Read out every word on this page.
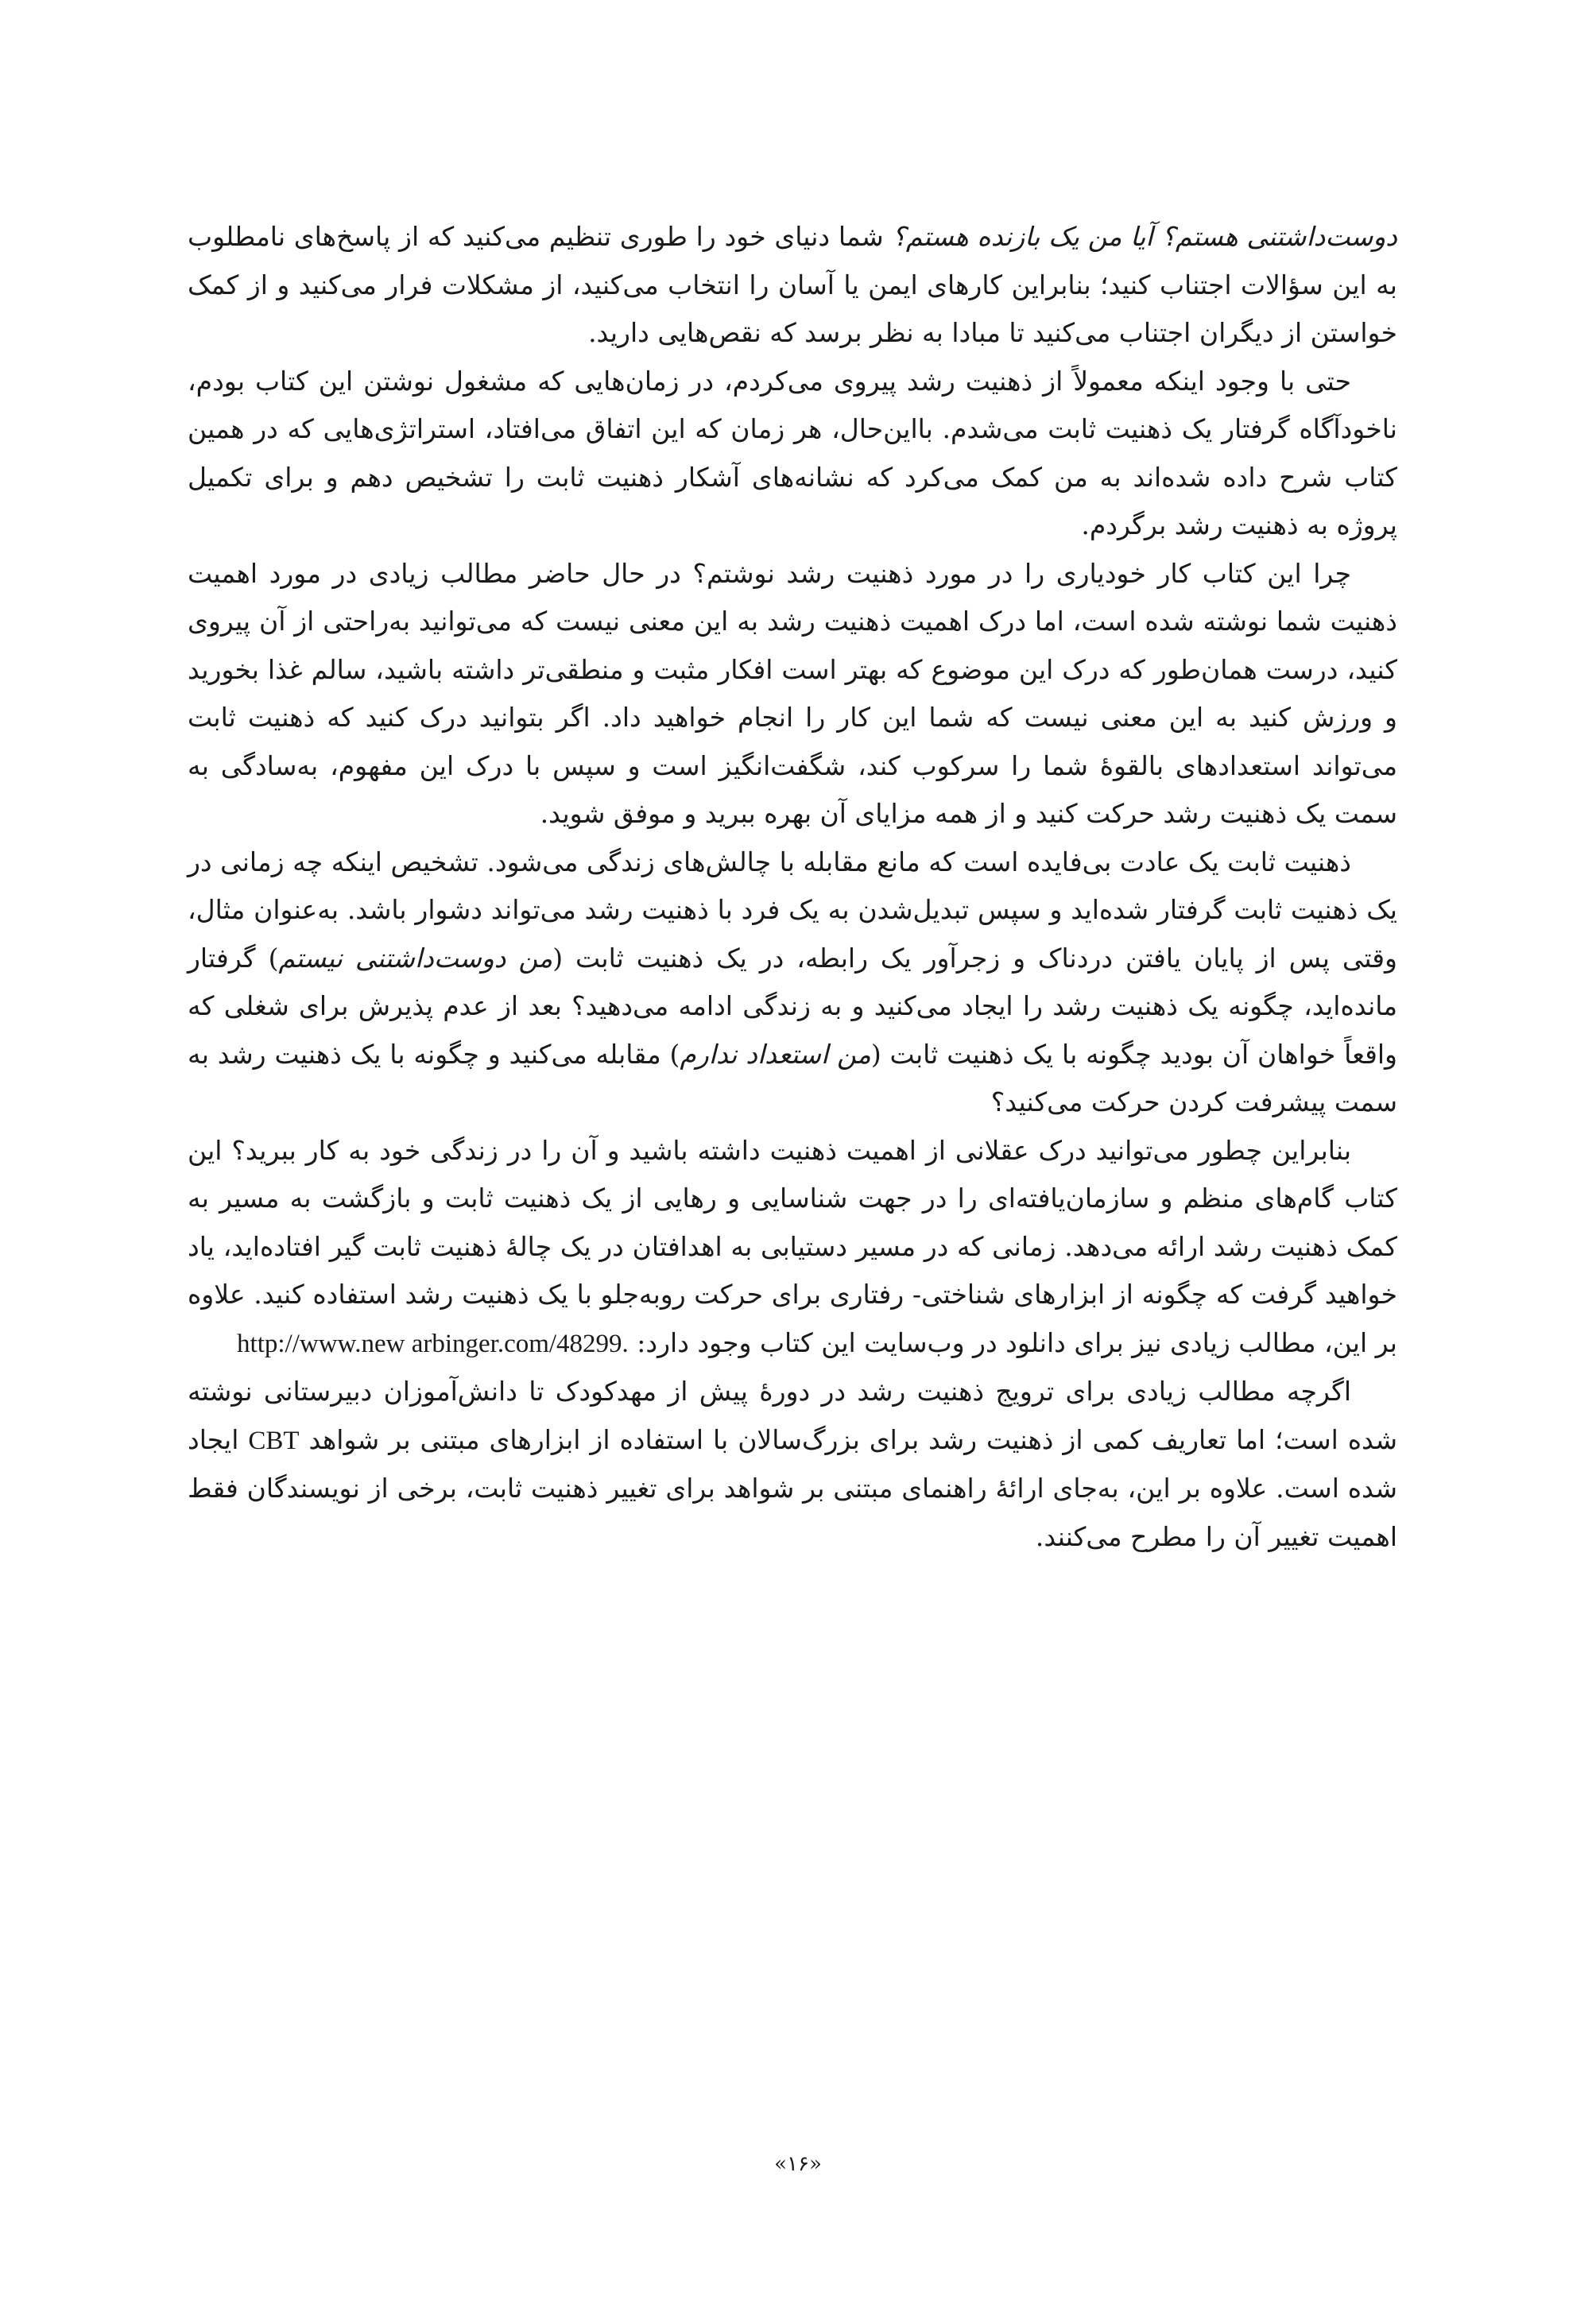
دوست‌داشتنی هستم؟ آیا من یک بازنده هستم؟ شما دنیای خود را طوری تنظیم می‌کنید که از پاسخ‌های نامطلوب به این سؤالات اجتناب کنید؛ بنابراین کارهای ایمن یا آسان را انتخاب می‌کنید، از مشکلات فرار می‌کنید و از کمک خواستن از دیگران اجتناب می‌کنید تا مبادا به نظر برسد که نقص‌هایی دارید.

حتی با وجود اینکه معمولاً از ذهنیت رشد پیروی می‌کردم، در زمان‌هایی که مشغول نوشتن این کتاب بودم، ناخودآگاه گرفتار یک ذهنیت ثابت می‌شدم. بااین‌حال، هر زمان که این اتفاق می‌افتاد، استراتژی‌هایی که در همین کتاب شرح داده شده‌اند به من کمک می‌کرد که نشانه‌های آشکار ذهنیت ثابت را تشخیص دهم و برای تکمیل پروژه به ذهنیت رشد برگردم.

چرا این کتاب کار خودیاری را در مورد ذهنیت رشد نوشتم؟ در حال حاضر مطالب زیادی در مورد اهمیت ذهنیت شما نوشته شده است، اما درک اهمیت ذهنیت رشد به این معنی نیست که می‌توانید به‌راحتی از آن پیروی کنید، درست همان‌طور که درک این موضوع که بهتر است افکار مثبت و منطقی‌تر داشته باشید، سالم غذا بخورید و ورزش کنید به این معنی نیست که شما این کار را انجام خواهید داد. اگر بتوانید درک کنید که ذهنیت ثابت می‌تواند استعدادهای بالقوهٔ شما را سرکوب کند، شگفت‌انگیز است و سپس با درک این مفهوم، به‌سادگی به سمت یک ذهنیت رشد حرکت کنید و از همه مزایای آن بهره ببرید و موفق شوید.

ذهنیت ثابت یک عادت بی‌فایده است که مانع مقابله با چالش‌های زندگی می‌شود. تشخیص اینکه چه زمانی در یک ذهنیت ثابت گرفتار شده‌اید و سپس تبدیل‌شدن به یک فرد با ذهنیت رشد می‌تواند دشوار باشد. به‌عنوان مثال، وقتی پس از پایان یافتن دردناک و زجرآور یک رابطه، در یک ذهنیت ثابت (من دوست‌داشتنی نیستم) گرفتار مانده‌اید، چگونه یک ذهنیت رشد را ایجاد می‌کنید و به زندگی ادامه می‌دهید؟ بعد از عدم پذیرش برای شغلی که واقعاً خواهان آن بودید چگونه با یک ذهنیت ثابت (من استعداد ندارم) مقابله می‌کنید و چگونه با یک ذهنیت رشد به سمت پیشرفت کردن حرکت می‌کنید؟

بنابراین چطور می‌توانید درک عقلانی از اهمیت ذهنیت داشته باشید و آن را در زندگی خود به کار ببرید؟ این کتاب گام‌های منظم و سازمان‌یافته‌ای را در جهت شناسایی و رهایی از یک ذهنیت ثابت و بازگشت به مسیر به کمک ذهنیت رشد ارائه می‌دهد. زمانی که در مسیر دستیابی به اهدافتان در یک چالهٔ ذهنیت ثابت گیر افتاده‌اید، یاد خواهید گرفت که چگونه از ابزارهای شناختی- رفتاری برای حرکت روبه‌جلو با یک ذهنیت رشد استفاده کنید. علاوه بر این، مطالب زیادی نیز برای دانلود در وب‌سایت این کتاب وجود دارد: http://www.new arbinger.com/48299.

اگرچه مطالب زیادی برای ترویج ذهنیت رشد در دورهٔ پیش از مهدکودک تا دانش‌آموزان دبیرستانی نوشته شده است؛ اما تعاریف کمی از ذهنیت رشد برای بزرگ‌سالان با استفاده از ابزارهای مبتنی بر شواهد CBT ایجاد شده است. علاوه بر این، به‌جای ارائهٔ راهنمای مبتنی بر شواهد برای تغییر ذهنیت ثابت، برخی از نویسندگان فقط اهمیت تغییر آن را مطرح می‌کنند.

«۱۶»
